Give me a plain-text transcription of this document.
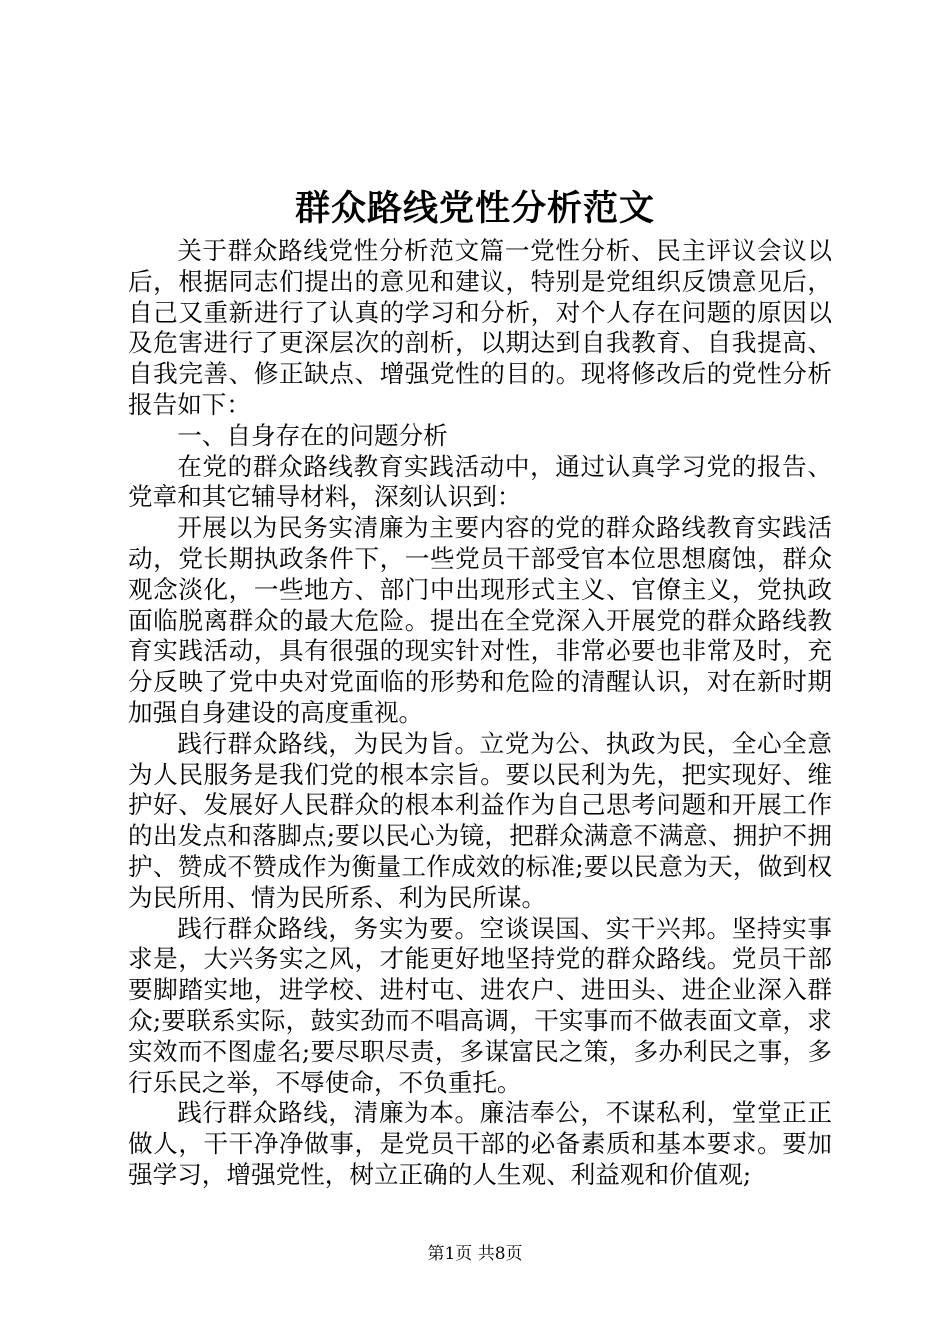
群众路线党性分析范文

关于群众路线党性分析范文篇一党性分析、民主评议会议以后，根据同志们提出的意见和建议，特别是党组织反馈意见后，自己又重新进行了认真的学习和分析，对个人存在问题的原因以及危害进行了更深层次的剖析，以期达到自我教育、自我提高、自我完善、修正缺点、增强党性的目的。现将修改后的党性分析报告如下：

一、自身存在的问题分析

在党的群众路线教育实践活动中，通过认真学习党的报告、党章和其它辅导材料，深刻认识到：

开展以为民务实清廉为主要内容的党的群众路线教育实践活动，党长期执政条件下，一些党员干部受官本位思想腐蚀，群众观念淡化，一些地方、部门中出现形式主义、官僚主义，党执政面临脱离群众的最大危险。提出在全党深入开展党的群众路线教育实践活动，具有很强的现实针对性，非常必要也非常及时，充分反映了党中央对党面临的形势和危险的清醒认识，对在新时期加强自身建设的高度重视。

践行群众路线，为民为旨。立党为公、执政为民，全心全意为人民服务是我们党的根本宗旨。要以民利为先，把实现好、维护好、发展好人民群众的根本利益作为自己思考问题和开展工作的出发点和落脚点;要以民心为镜，把群众满意不满意、拥护不拥护、赞成不赞成作为衡量工作成效的标准;要以民意为天，做到权为民所用、情为民所系、利为民所谋。

践行群众路线，务实为要。空谈误国、实干兴邦。坚持实事求是，大兴务实之风，才能更好地坚持党的群众路线。党员干部要脚踏实地，进学校、进村屯、进农户、进田头、进企业深入群众;要联系实际，鼓实劲而不唱高调，干实事而不做表面文章，求实效而不图虚名;要尽职尽责，多谋富民之策，多办利民之事，多行乐民之举，不辱使命，不负重托。

践行群众路线，清廉为本。廉洁奉公，不谋私利，堂堂正正做人，干干净净做事，是党员干部的必备素质和基本要求。要加强学习，增强党性，树立正确的人生观、利益观和价值观;

第1页 共8页
